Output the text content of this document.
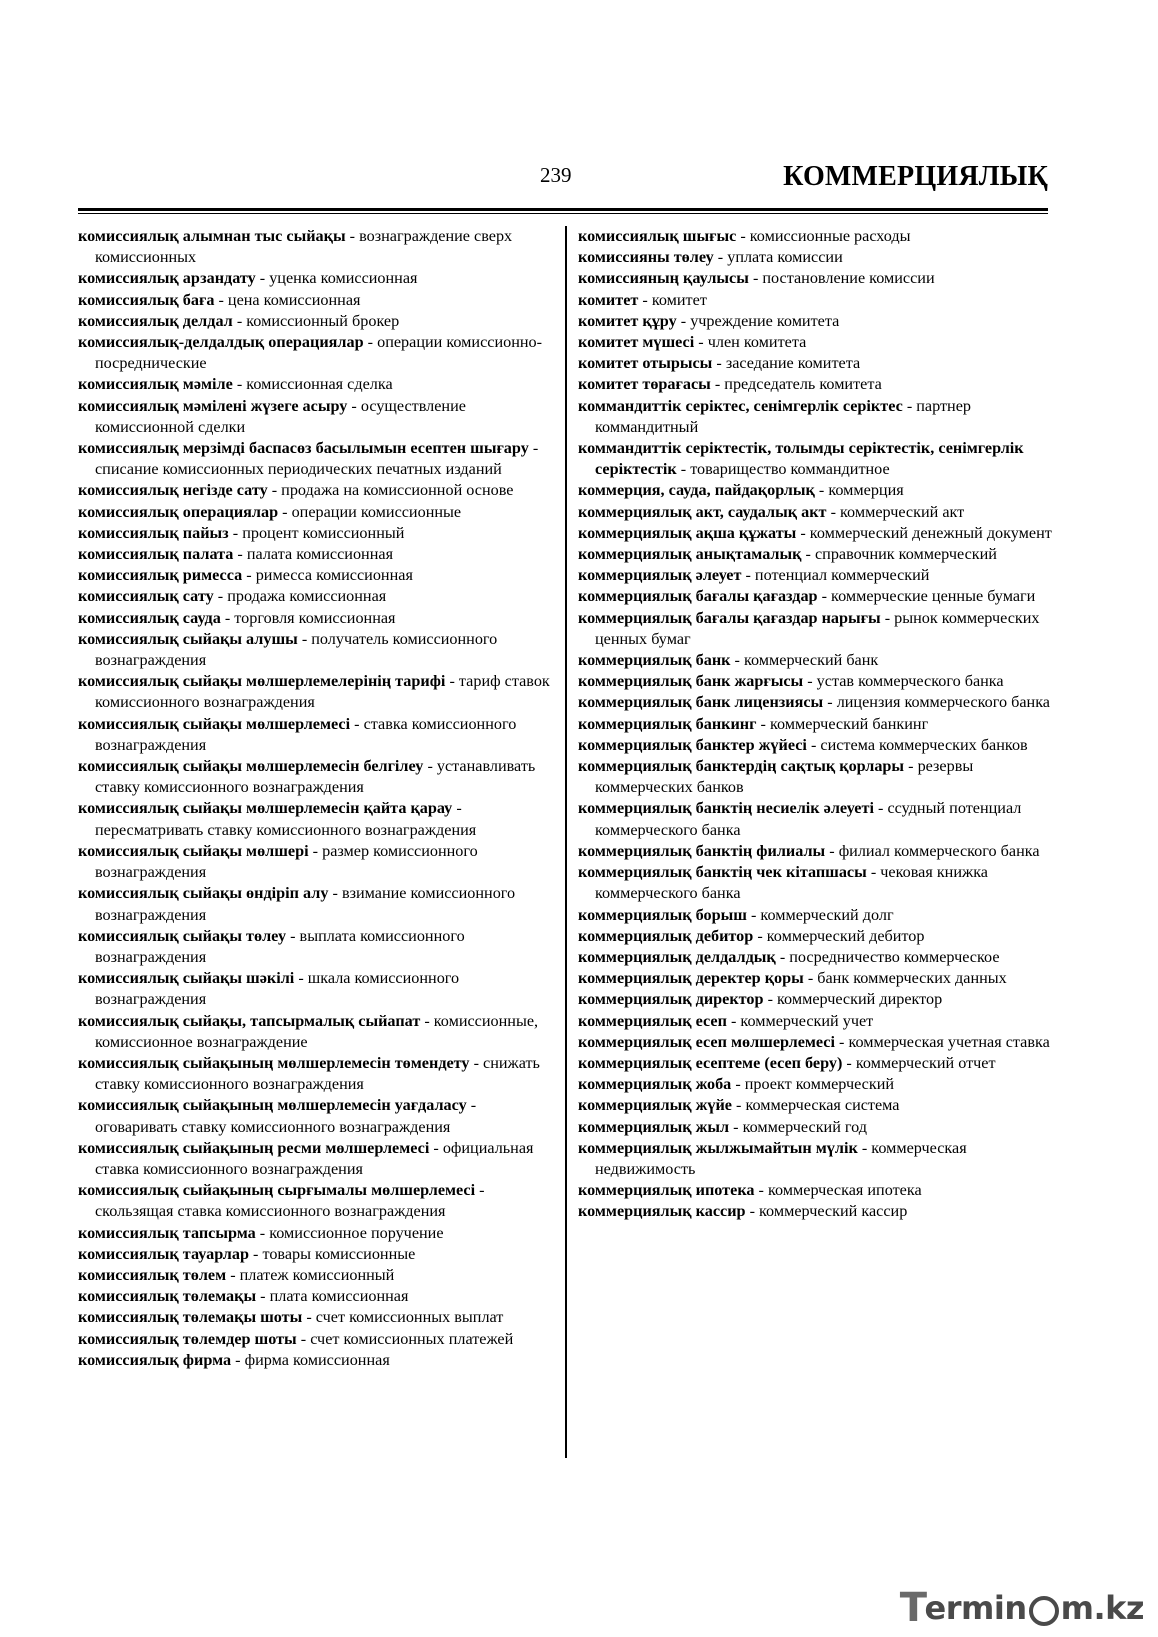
239	КОММЕРЦИЯЛЫҚ

комиссиялық алымнан тыс сыйақы - вознаграждение сверх комиссионных

комиссиялық арзандату - уценка комиссионная

комиссиялық баға - цена комиссионная

комиссиялық делдал - комиссионный брокер

комиссиялық-делдалдық операциялар - операции комиссионно-посреднические

комиссиялық мәміле - комиссионная сделка

комиссиялық мәмілені жүзеге асыру - осуществление комиссионной сделки

комиссиялық мерзімді баспасөз басылымын есептен шығару - списание комиссионных периодических печатных изданий

комиссиялық негізде сату - продажа на комиссионной основе

комиссиялық операциялар - операции комиссионные

комиссиялық пайыз - процент комиссионный

комиссиялық палата - палата комиссионная

комиссиялық римесса - римесса комиссионная

комиссиялық сату - продажа комиссионная

комиссиялық сауда - торговля комиссионная

комиссиялық сыйақы алушы - получатель комиссионного вознаграждения

комиссиялық сыйақы мөлшерлемелерінің тарифі - тариф ставок комиссионного вознаграждения

комиссиялық сыйақы мөлшерлемесі - ставка комиссионного вознаграждения

комиссиялық сыйақы мөлшерлемесін белгілеу - устанавливать ставку комиссионного вознаграждения

комиссиялық сыйақы мөлшерлемесін қайта қарау - пересматривать ставку комиссионного вознаграждения

комиссиялық сыйақы мөлшері - размер комиссионного вознаграждения

комиссиялық сыйақы өндіріп алу - взимание комиссионного вознаграждения

комиссиялық сыйақы төлеу - выплата комиссионного вознаграждения

комиссиялық сыйақы шәкілі - шкала комиссионного вознаграждения

комиссиялық сыйақы, тапсырмалық сыйапат - комиссионные, комиссионное вознаграждение

комиссиялық сыйақының мөлшерлемесін төмендету - снижать ставку комиссионного вознаграждения

комиссиялық сыйақының мөлшерлемесін уағдаласу - оговаривать ставку комиссионного вознаграждения

комиссиялық сыйақының ресми мөлшерлемесі - официальная ставка комиссионного вознаграждения

комиссиялық сыйақының сырғымалы мөлшерлемесі - скользящая ставка комиссионного вознаграждения

комиссиялық тапсырма - комиссионное поручение

комиссиялық тауарлар - товары комиссионные

комиссиялық төлем - платеж комиссионный

комиссиялық төлемақы - плата комиссионная

комиссиялық төлемақы шоты - счет комиссионных выплат

комиссиялық төлемдер шоты - счет комиссионных платежей

комиссиялық фирма - фирма комиссионная

комиссиялық шығыс - комиссионные расходы

комиссияны төлеу - уплата комиссии

комиссияның қаулысы - постановление комиссии

комитет - комитет

комитет құру - учреждение комитета

комитет мүшесі - член комитета

комитет отырысы - заседание комитета

комитет төрағасы - председатель комитета

коммандиттік серіктес, сенімгерлік серіктес - партнер коммандитный

коммандиттік серіктестік, толымды серіктестік, сенімгерлік серіктестік - товарищество коммандитное

коммерция, сауда, пайдақорлық - коммерция

коммерциялық акт, саудалық акт - коммерческий акт

коммерциялық ақша құжаты - коммерческий денежный документ

коммерциялық анықтамалық - справочник коммерческий

коммерциялық әлеует - потенциал коммерческий

коммерциялық бағалы қағаздар - коммерческие ценные бумаги

коммерциялық бағалы қағаздар нарығы - рынок коммерческих ценных бумаг

коммерциялық банк - коммерческий банк

коммерциялық банк жарғысы - устав коммерческого банка

коммерциялық банк лицензиясы - лицензия коммерческого банка

коммерциялық банкинг - коммерческий банкинг

коммерциялық банктер жүйесі - система коммерческих банков

коммерциялық банктердің сақтық қорлары - резервы коммерческих банков

коммерциялық банктің несиелік әлеуеті - ссудный потенциал коммерческого банка

коммерциялық банктің филиалы - филиал коммерческого банка

коммерциялық банктің чек кітапшасы - чековая книжка коммерческого банка

коммерциялық борыш - коммерческий долг

коммерциялық дебитор - коммерческий дебитор

коммерциялық делдалдық - посредничество коммерческое

коммерциялық деректер қоры - банк коммерческих данных

коммерциялық директор - коммерческий директор

коммерциялық есеп - коммерческий учет

коммерциялық есеп мөлшерлемесі - коммерческая учетная ставка

коммерциялық есептеме (есеп беру) - коммерческий отчет

коммерциялық жоба - проект коммерческий

коммерциялық жүйе - коммерческая система

коммерциялық жыл - коммерческий год

коммерциялық жылжымайтын мүлік - коммерческая недвижимость

коммерциялық ипотека - коммерческая ипотека

коммерциялық кассир - коммерческий кассир

T
ermin m.kz
